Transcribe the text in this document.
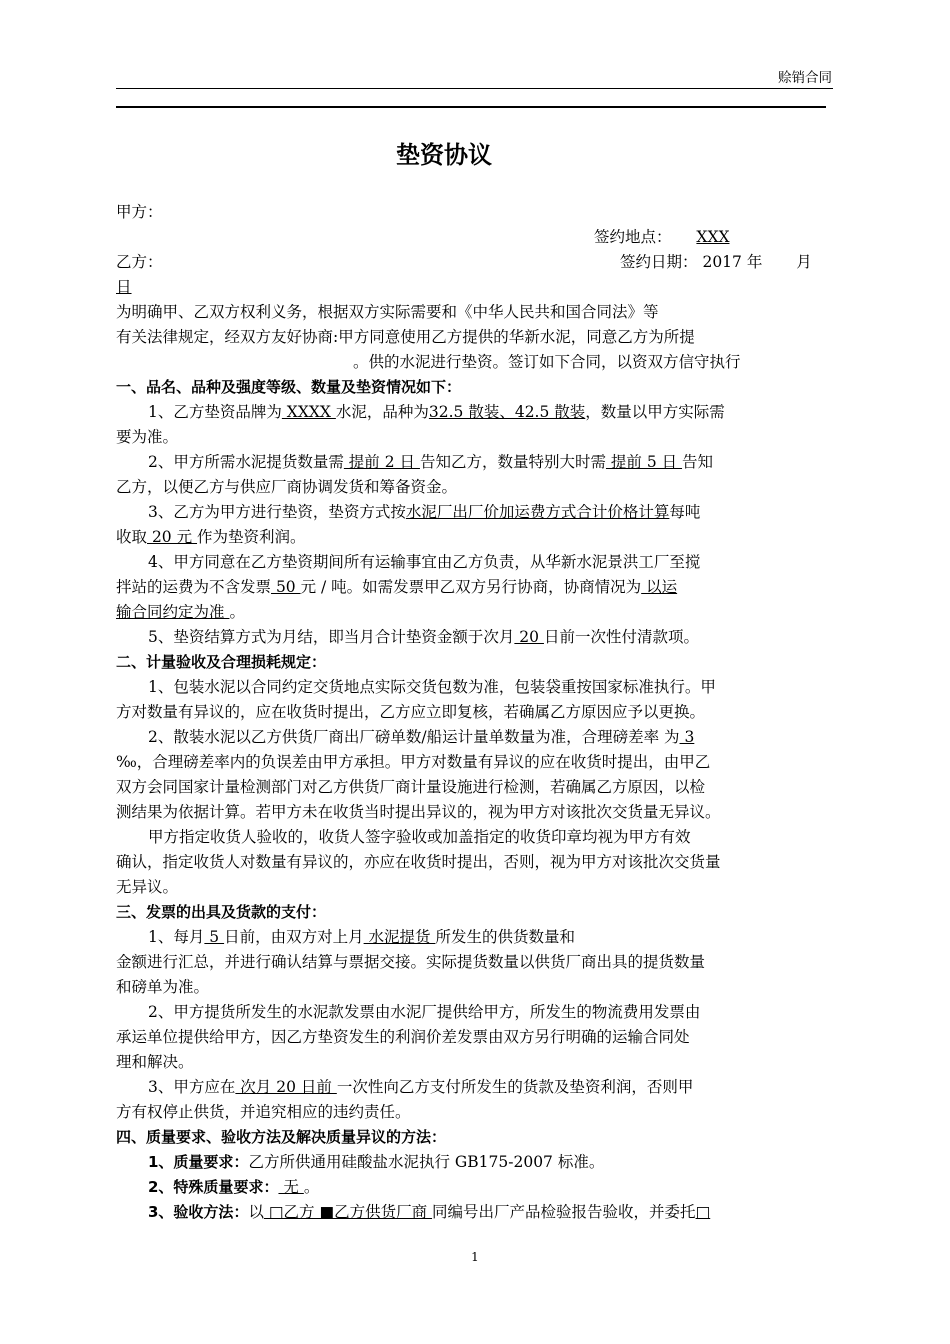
赊销合同
垫资协议
甲方：
签约地点： XXX
乙方：	签约日期： 2017 年 月
日
为明确甲、乙双方权利义务，根据双方实际需要和《中华人民共和国合同法》等
有关法律规定，经双方友好协商:甲方同意使用乙方提供的华新水泥，同意乙方为所提
。供的水泥进行垫资。签订如下合同，以资双方信守执行
一、品名、品种及强度等级、数量及垫资情况如下：
1、乙方垫资品牌为 XXXX 水泥，品种为32.5 散装、42.5 散装，数量以甲方实际需
要为准。
2、甲方所需水泥提货数量需 提前 2 日 告知乙方，数量特别大时需 提前 5 日 告知
乙方，以便乙方与供应厂商协调发货和筹备资金。
3、乙方为甲方进行垫资，垫资方式按水泥厂出厂价加运费方式合计价格计算每吨
收取 20 元 作为垫资利润。
4、甲方同意在乙方垫资期间所有运输事宜由乙方负责，从华新水泥景洪工厂至搅
拌站的运费为不含发票 50 元 / 吨。如需发票甲乙双方另行协商，协商情况为 以运
输合同约定为准 。
5、垫资结算方式为月结，即当月合计垫资金额于次月 20 日前一次性付清款项。
二、计量验收及合理损耗规定：
1、包装水泥以合同约定交货地点实际交货包数为准，包装袋重按国家标准执行。甲
方对数量有异议的，应在收货时提出，乙方应立即复核，若确属乙方原因应予以更换。
2、散装水泥以乙方供货厂商出厂磅单数/船运计量单数量为准，合理磅差率 为 3
‰，合理磅差率内的负误差由甲方承担。甲方对数量有异议的应在收货时提出，由甲乙
双方会同国家计量检测部门对乙方供货厂商计量设施进行检测，若确属乙方原因，以检
测结果为依据计算。若甲方未在收货当时提出异议的，视为甲方对该批次交货量无异议。
甲方指定收货人验收的，收货人签字验收或加盖指定的收货印章均视为甲方有效
确认，指定收货人对数量有异议的，亦应在收货时提出，否则，视为甲方对该批次交货量
无异议。
三、发票的出具及货款的支付：
1、每月 5 日前，由双方对上月 水泥提货 所发生的供货数量和
金额进行汇总，并进行确认结算与票据交接。实际提货数量以供货厂商出具的提货数量
和磅单为准。
2、甲方提货所发生的水泥款发票由水泥厂提供给甲方，所发生的物流费用发票由
承运单位提供给甲方，因乙方垫资发生的利润价差发票由双方另行明确的运输合同处
理和解决。
3、甲方应在 次月 20 日前 一次性向乙方支付所发生的货款及垫资利润，否则甲
方有权停止供货，并追究相应的违约责任。
四、质量要求、验收方法及解决质量异议的方法：
1、质量要求：乙方所供通用硅酸盐水泥执行 GB175-2007 标准。
2、特殊质量要求： 无 。
3、验收方法：以 □乙方 ■乙方供货厂商 同编号出厂产品检验报告验收，并委托□
1
